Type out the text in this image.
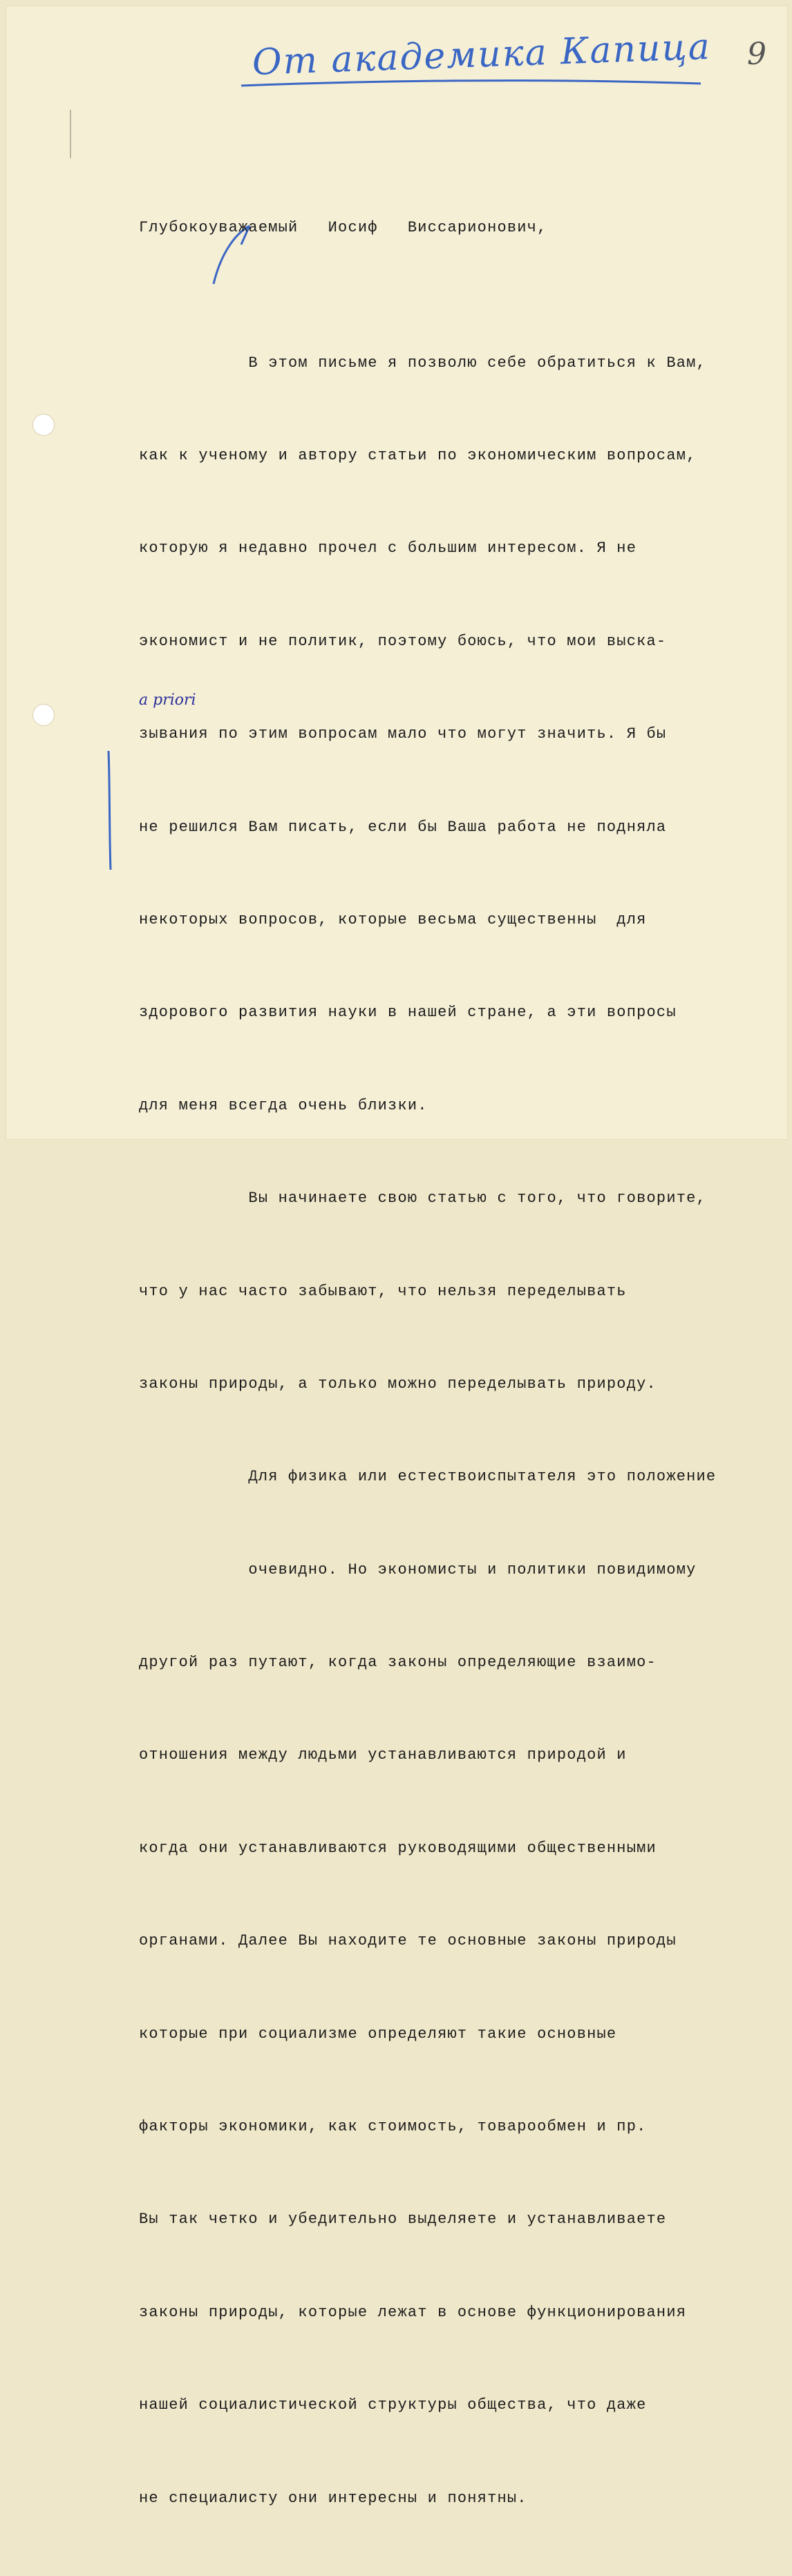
От академика Капица 9
a priori
Глубокоуважаемый   Иосиф   Виссарионович,

В этом письме я позволю себе обратиться к Вам,

как к ученому и автору статьи по экономическим вопросам,

которую я недавно прочел с большим интересом. Я не

экономист и не политик, поэтому боюсь, что мои выска-

зывания по этим вопросам мало что могут значить. Я бы

не решился Вам писать, если бы Ваша работа не подняла

некоторых вопросов, которые весьма существенны  для

здорового развития науки в нашей стране, а эти вопросы

для меня всегда очень близки.

Вы начинаете свою статью с того, что говорите,

что у нас часто забывают, что нельзя переделывать

законы природы, а только можно переделывать природу.

Для физика или естествоиспытателя это положение

очевидно. Но экономисты и политики повидимому

другой раз путают, когда законы определяющие взаимо-

отношения между людьми устанавливаются природой и

когда они устанавливаются руководящими общественными

органами. Далее Вы находите те основные законы природы

которые при социализме определяют такие основные

факторы экономики, как стоимость, товарообмен и пр.

Вы так четко и убедительно выделяете и устанавливаете

законы природы, которые лежат в основе функционирования

нашей социалистической структуры общества, что даже

не специалисту они интересны и понятны.
